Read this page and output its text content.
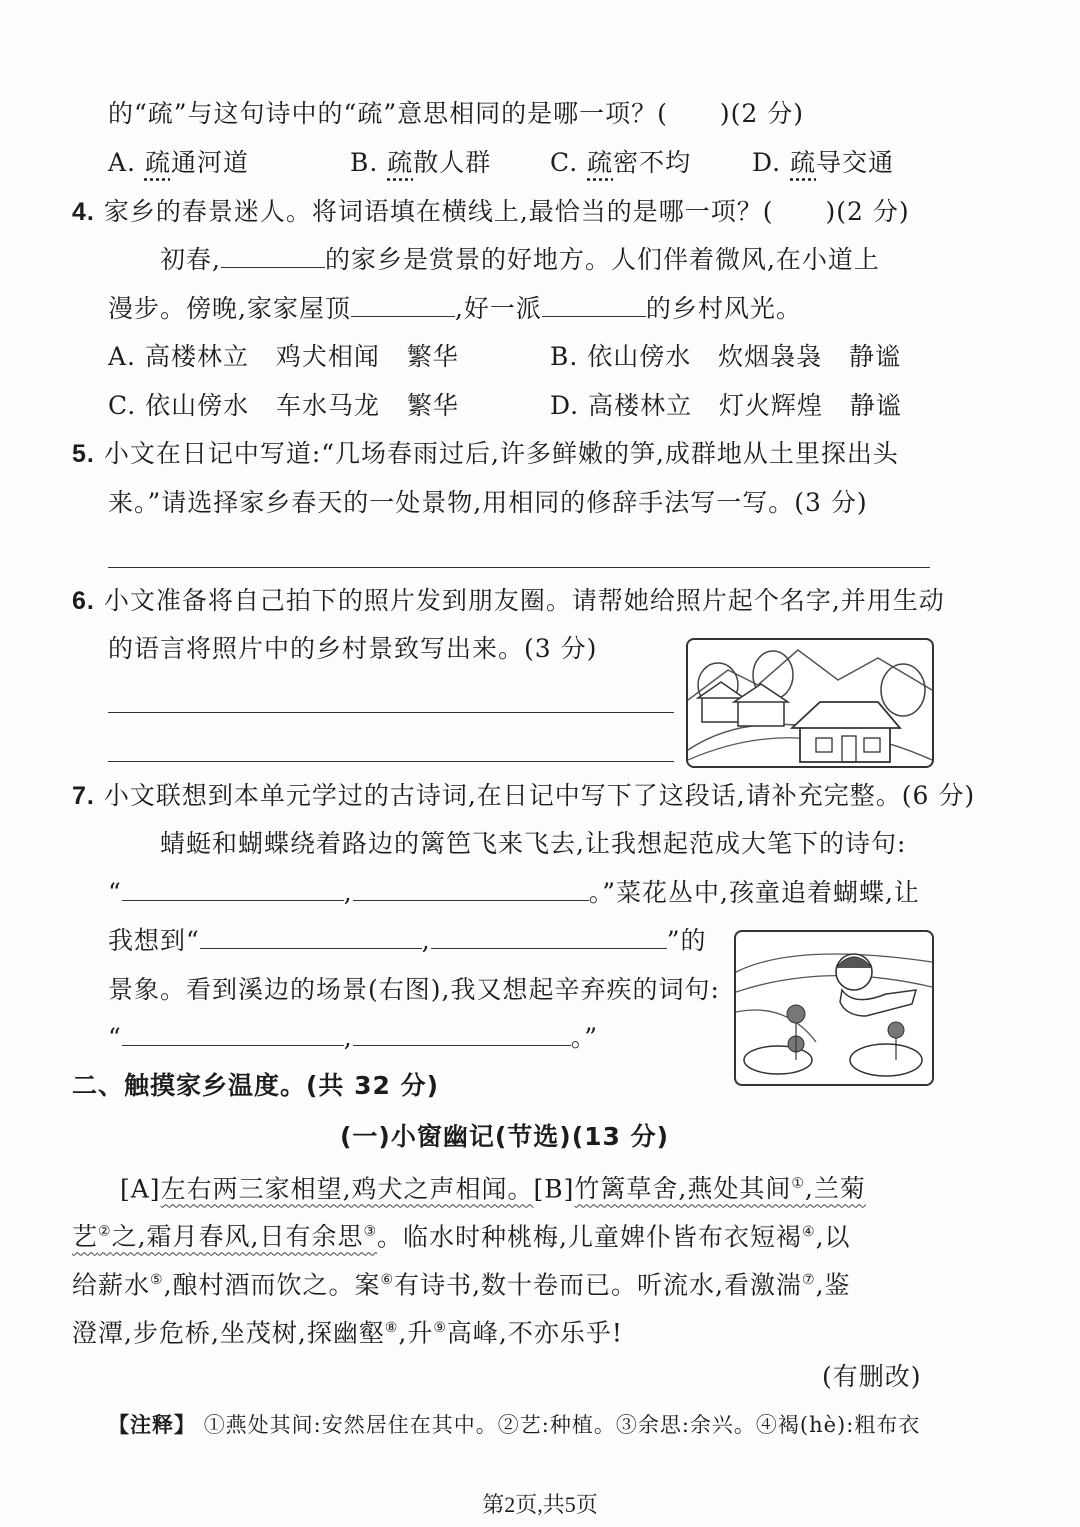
的“疏”与这句诗中的“疏”意思相同的是哪一项？(　　)(2 分)
A. 疏通河道	B. 疏散人群 C. 疏密不均 D. 疏导交通
4. 家乡的春景迷人。将词语填在横线上,最恰当的是哪一项？(　　)(2 分)
初春,	的家乡是赏景的好地方。人们伴着微风,在小道上
漫步。傍晚,家家屋顶	,好一派	的乡村风光。
A. 高楼林立 鸡犬相闻 繁华	B. 依山傍水 炊烟袅袅 静谧
C. 依山傍水 车水马龙 繁华	D. 高楼林立 灯火辉煌 静谧
5. 小文在日记中写道:“几场春雨过后,许多鲜嫩的笋,成群地从土里探出头
来。”请选择家乡春天的一处景物,用相同的修辞手法写一写。(3 分)
6. 小文准备将自己拍下的照片发到朋友圈。请帮她给照片起个名字,并用生动
的语言将照片中的乡村景致写出来。(3 分)
7. 小文联想到本单元学过的古诗词,在日记中写下了这段话,请补充完整。(6 分)
蜻蜓和蝴蝶绕着路边的篱笆飞来飞去,让我想起范成大笔下的诗句:
“	,	。”菜花丛中,孩童追着蝴蝶,让
我想到“	,	”的
景象。看到溪边的场景(右图),我又想起辛弃疾的词句:
“	,	。”
二、触摸家乡温度。(共 32 分)
(一)小窗幽记(节选)(13 分)
[A]左右两三家相望,鸡犬之声相闻。[B]竹篱草舍,燕处其间①,兰菊
艺②之,霜月春风,日有余思③。临水时种桃梅,儿童婢仆皆布衣短褐④,以
给薪水⑤,酿村酒而饮之。案⑥有诗书,数十卷而已。听流水,看激湍⑦,鉴
澄潭,步危桥,坐茂树,探幽壑⑧,升⑨高峰,不亦乐乎!
(有删改)
【注释】 ①燕处其间:安然居住在其中。②艺:种植。③余思:余兴。④褐(hè):粗布衣
第2页,共5页
